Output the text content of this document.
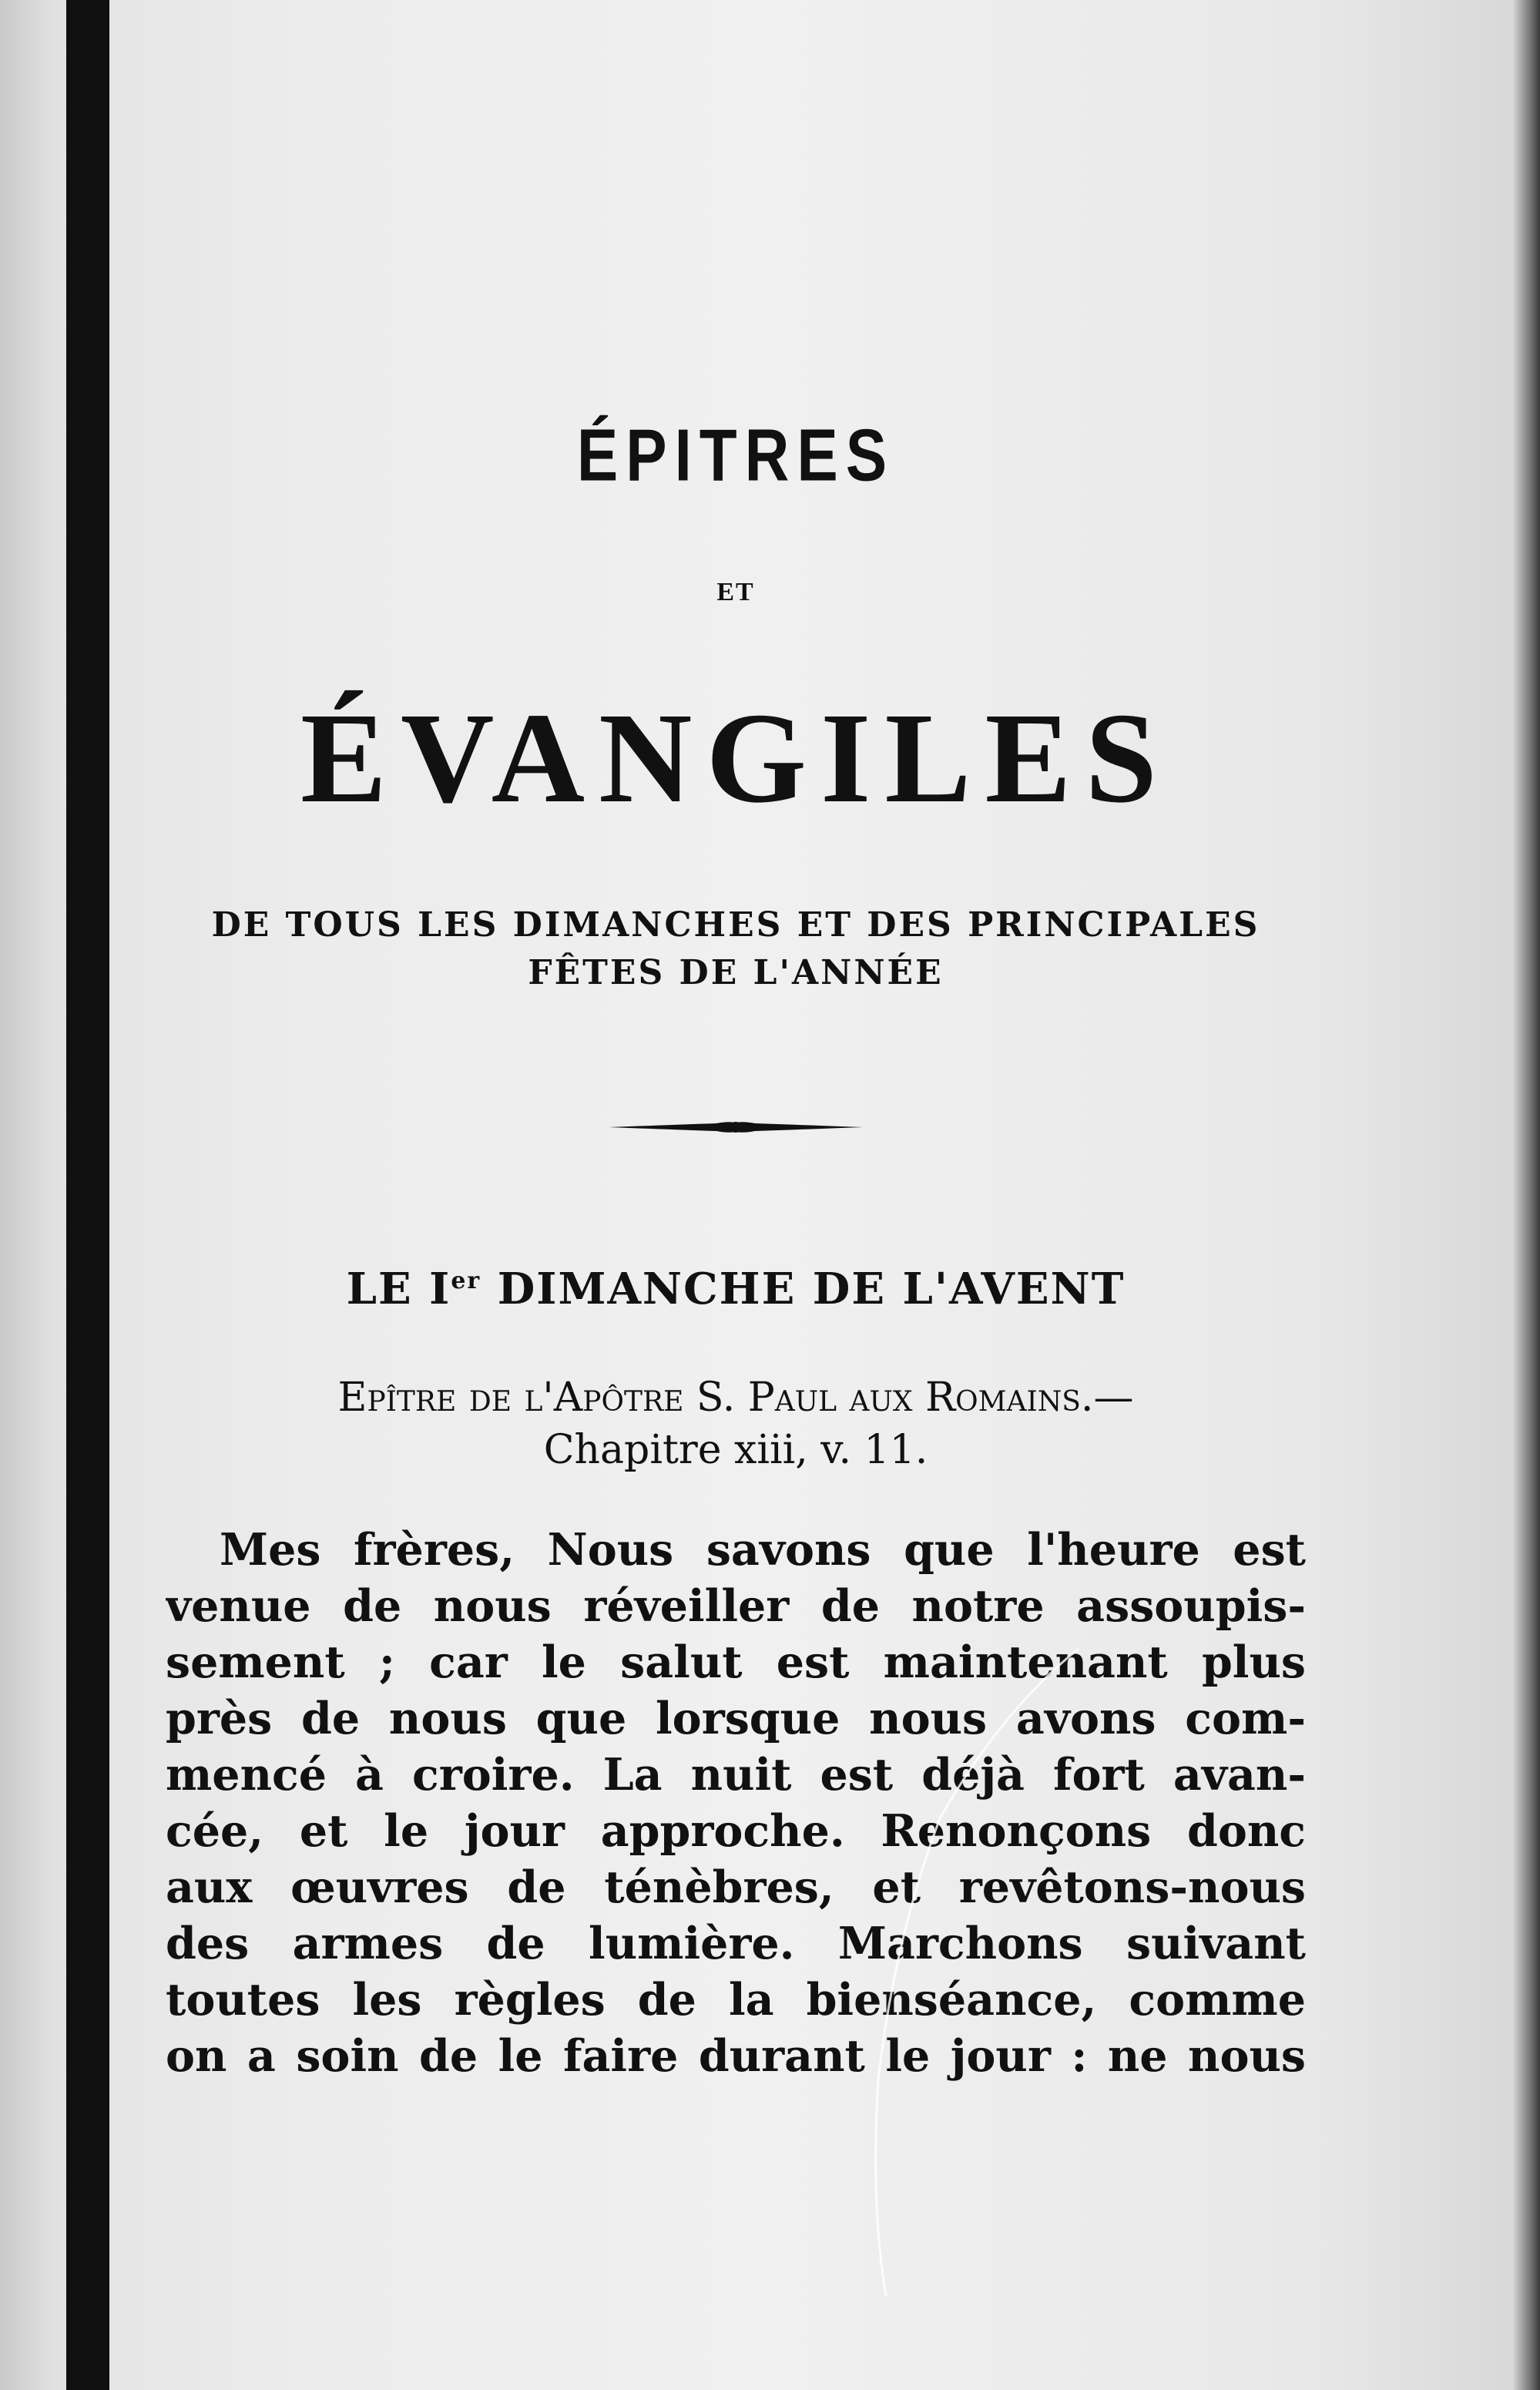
ÉPITRES
ET
ÉVANGILES
DE TOUS LES DIMANCHES ET DES PRINCIPALES
FÊTES DE L'ANNÉE
LE Ier DIMANCHE DE L'AVENT
Epître de l'Apôtre S. Paul aux Romains.—
Chapitre xiii, v. 11.
Mes frères, Nous savons que l'heure est
venue de nous réveiller de notre assoupis-
sement ; car le salut est maintenant plus
près de nous que lorsque nous avons com-
mencé à croire. La nuit est déjà fort avan-
cée, et le jour approche. Renonçons donc
aux œuvres de ténèbres, et revêtons-nous
des armes de lumière. Marchons suivant
toutes les règles de la bienséance, comme
on a soin de le faire durant le jour : ne nous
